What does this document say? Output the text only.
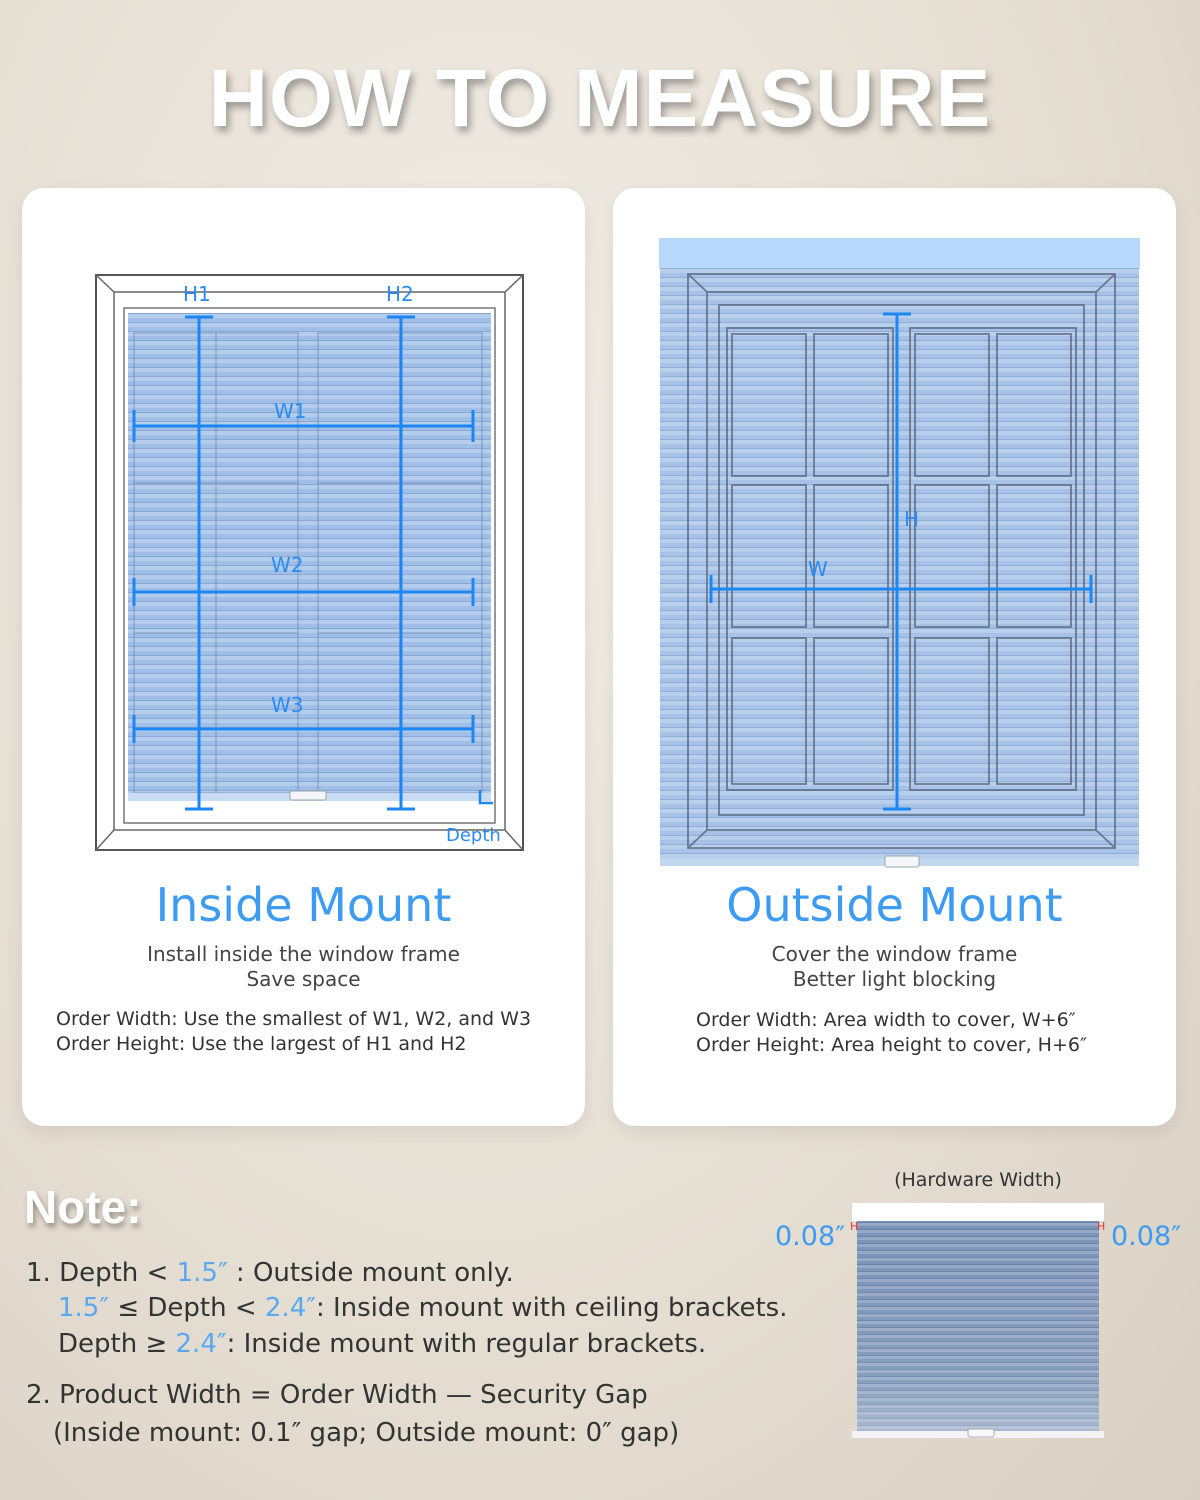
HOW TO MEASURE
H1	H2
W1
W2
W3
Depth
Inside Mount
Install inside the window frame
Save space
Order Width: Use the smallest of W1, W2, and W3
Order Height: Use the largest of H1 and H2
H
W
Outside Mount
Cover the window frame
Better light blocking
Order Width: Area width to cover, W+6″
Order Height: Area height to cover, H+6″
Note:
1. Depth < 1.5″ : Outside mount only.
1.5″ ≤ Depth < 2.4″: Inside mount with ceiling brackets.
Depth ≥ 2.4″: Inside mount with regular brackets.
2. Product Width = Order Width — Security Gap
(Inside mount: 0.1″ gap; Outside mount: 0″ gap)
(Hardware Width)
0.08″	0.08″
H	H
